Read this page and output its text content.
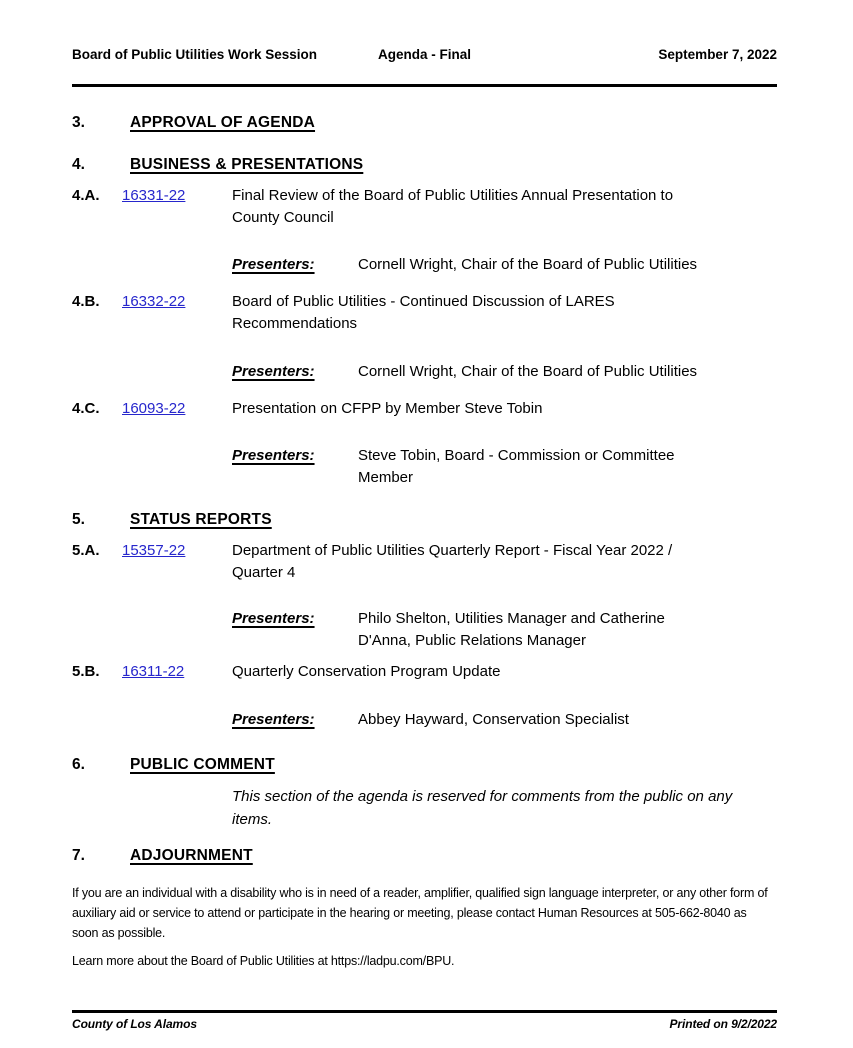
Board of Public Utilities Work Session	Agenda - Final	September 7, 2022
3.	APPROVAL OF AGENDA
4.	BUSINESS & PRESENTATIONS
4.A.	16331-22	Final Review of the Board of Public Utilities Annual Presentation to County Council
Presenters:	Cornell Wright, Chair of the Board of Public Utilities
4.B.	16332-22	Board of Public Utilities - Continued Discussion of LARES Recommendations
Presenters:	Cornell Wright, Chair of the Board of Public Utilities
4.C.	16093-22	Presentation on CFPP by Member Steve Tobin
Presenters:	Steve Tobin, Board - Commission or Committee Member
5.	STATUS REPORTS
5.A.	15357-22	Department of Public Utilities Quarterly Report - Fiscal Year 2022 / Quarter 4
Presenters:	Philo Shelton, Utilities Manager and Catherine D'Anna, Public Relations Manager
5.B.	16311-22	Quarterly Conservation Program Update
Presenters:	Abbey Hayward, Conservation Specialist
6.	PUBLIC COMMENT
This section of the agenda is reserved for comments from the public on any items.
7.	ADJOURNMENT
If you are an individual with a disability who is in need of a reader, amplifier, qualified sign language interpreter, or any other form of auxiliary aid or service to attend or participate in the hearing or meeting, please contact Human Resources at 505-662-8040 as soon as possible.
Learn more about the Board of Public Utilities at https://ladpu.com/BPU.
County of Los Alamos	Printed on 9/2/2022
